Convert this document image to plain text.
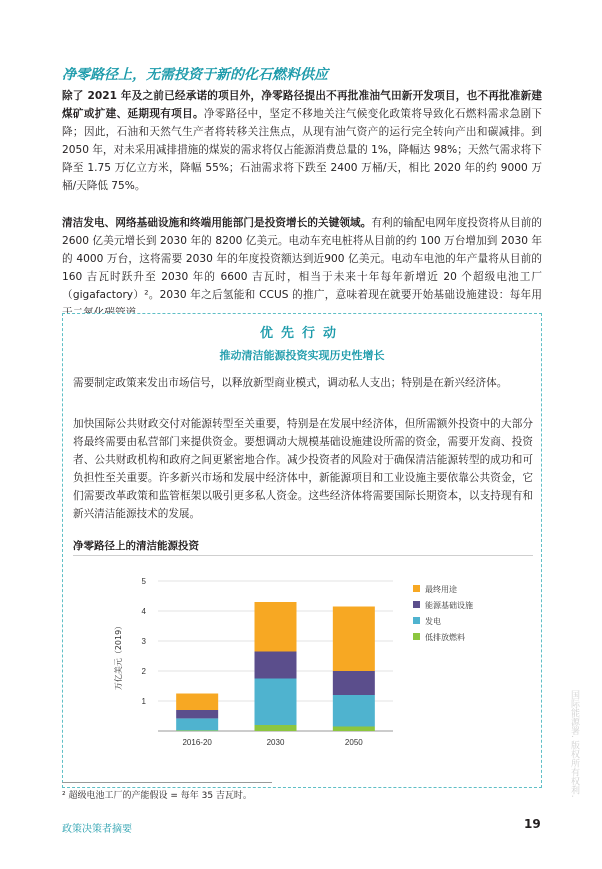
净零路径上，无需投资于新的化石燃料供应
除了 2021 年及之前已经承诺的项目外，净零路径提出不再批准油气田新开发项目，也不再批准新建煤矿或扩建、延期现有项目。净零路径中，坚定不移地关注气候变化政策将导致化石燃料需求急剧下降；因此，石油和天然气生产者将转移关注焦点，从现有油气资产的运行完全转向产出和碳减排。到 2050 年，对未采用减排措施的煤炭的需求将仅占能源消费总量的 1%，降幅达 98%；天然气需求将下降至 1.75 万亿立方米，降幅 55%；石油需求将下跌至 2400 万桶/天，相比 2020 年的约 9000 万桶/天降低 75%。
清洁发电、网络基础设施和终端用能部门是投资增长的关键领域。有利的输配电网年度投资将从目前的 2600 亿美元增长到 2030 年的 8200 亿美元。电动车充电桩将从目前的约 100 万台增加到 2030 年的 4000 万台，这将需要 2030 年的年度投资额达到近900 亿美元。电动车电池的年产量将从目前的 160 吉瓦时跃升至 2030 年的 6600 吉瓦时，相当于未来十年每年新增近 20 个超级电池工厂（gigafactory）²。2030 年之后氢能和 CCUS 的推广，意味着现在就要开始基础设施建设：每年用
优先行动
推动清洁能源投资实现历史性增长
需要制定政策来发出市场信号，以释放新型商业模式，调动私人支出；特别是在新兴经济体。
加快国际公共财政交付对能源转型至关重要，特别是在发展中经济体，但所需额外投资中的大部分将最终需要由私营部门来提供资金。要想调动大规模基础设施建设所需的资金，需要开发商、投资者、公共财政机构和政府之间更紧密地合作。减少投资者的风险对于确保清洁能源转型的成功和可负担性至关重要。许多新兴市场和发展中经济体中，新能源项目和工业设施主要依靠公共资金，它们需要改革政策和监管框架以吸引更多私人资金。这些经济体将需要国际长期资本，以支持现有和新兴清洁能源技术的发展。
净零路径上的清洁能源投资
1
2
3
4
5
万亿美元（2019）
2016-20	2030	2050
最终用途
能源基础设施
发电
低排放燃料
² 超级电池工厂的产能假设 = 每年 35 吉瓦时。
政策决策者摘要	19
国际能源署. 版权所有权利.
